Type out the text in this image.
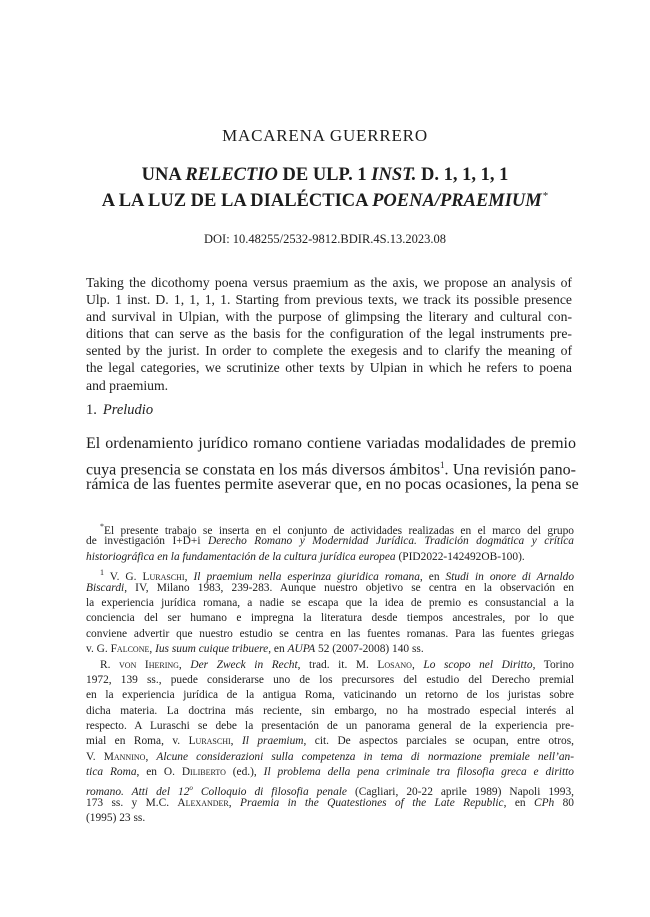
MACARENA GUERRERO
UNA RELECTIO DE ULP. 1 INST. D. 1, 1, 1, 1
A LA LUZ DE LA DIALÉCTICA POENA/PRAEMIUM*
DOI: 10.48255/2532-9812.BDIR.4S.13.2023.08
Taking the dicothomy poena versus praemium as the axis, we propose an analysis of
Ulp. 1 inst. D. 1, 1, 1, 1. Starting from previous texts, we track its possible presence
and survival in Ulpian, with the purpose of glimpsing the literary and cultural con-
ditions that can serve as the basis for the configuration of the legal instruments pre-
sented by the jurist. In order to complete the exegesis and to clarify the meaning of
the legal categories, we scrutinize other texts by Ulpian in which he refers to poena
and praemium.
1. Preludio
El ordenamiento jurídico romano contiene variadas modalidades de premio
cuya presencia se constata en los más diversos ámbitos$^1$. Una revisión pano-
rámica de las fuentes permite aseverar que, en no pocas ocasiones, la pena se
*El presente trabajo se inserta en el conjunto de actividades realizadas en el marco del grupo
de investigación I+D+i Derecho Romano y Modernidad Jurídica. Tradición dogmática y crítica
historiográfica en la fundamentación de la cultura jurídica europea (PID2022-142492OB-100).
$^1$ V. G. Luraschi, Il praemium nella esperinza giuridica romana, en Studi in onore di Arnaldo
Biscardi, IV, Milano 1983, 239-283. Aunque nuestro objetivo se centra en la observación en
la experiencia jurídica romana, a nadie se escapa que la idea de premio es consustancial a la
conciencia del ser humano e impregna la literatura desde tiempos ancestrales, por lo que
conviene advertir que nuestro estudio se centra en las fuentes romanas. Para las fuentes griegas
v. G. Falcone, Ius suum cuique tribuere, en AUPA 52 (2007-2008) 140 ss.
R. von Ihering, Der Zweck in Recht, trad. it. M. Losano, Lo scopo nel Diritto, Torino
1972, 139 ss., puede considerarse uno de los precursores del estudio del Derecho premial
en la experiencia jurídica de la antigua Roma, vaticinando un retorno de los juristas sobre
dicha materia. La doctrina más reciente, sin embargo, no ha mostrado especial interés al
respecto. A Luraschi se debe la presentación de un panorama general de la experiencia pre-
mial en Roma, v. Luraschi, Il praemium, cit. De aspectos parciales se ocupan, entre otros,
V. Mannino, Alcune considerazioni sulla competenza in tema di normazione premiale nell’an-
tica Roma, en O. Diliberto (ed.), Il problema della pena criminale tra filosofia greca e diritto
romano. Atti del 12$^o$ Colloquio di filosofia penale (Cagliari, 20-22 aprile 1989) Napoli 1993,
173 ss. y M.C. Alexander, Praemia in the Quatestiones of the Late Republic, en CPh 80
(1995) 23 ss.
